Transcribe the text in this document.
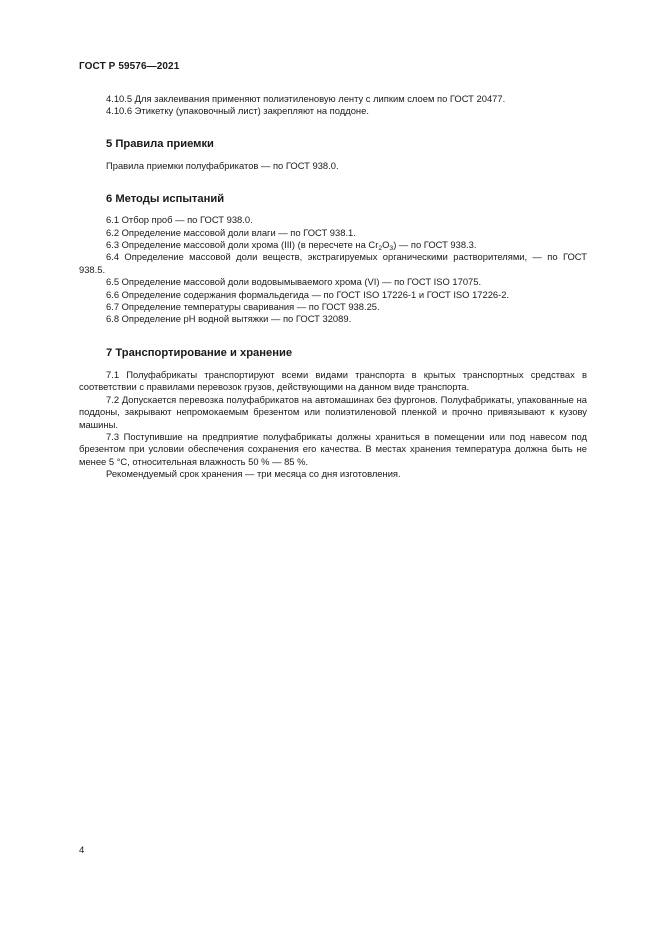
ГОСТ Р 59576—2021

4.10.5 Для заклеивания применяют полиэтиленовую ленту с липким слоем по ГОСТ 20477.

4.10.6 Этикетку (упаковочный лист) закрепляют на поддоне.

5 Правила приемки

Правила приемки полуфабрикатов — по ГОСТ 938.0.

6 Методы испытаний

6.1 Отбор проб — по ГОСТ 938.0.

6.2 Определение массовой доли влаги — по ГОСТ 938.1.

6.3 Определение массовой доли хрома (III) (в пересчете на $Cr_2O_3$) — по ГОСТ 938.3.

6.4 Определение массовой доли веществ, экстрагируемых органическими растворителями, — по ГОСТ 938.5.

6.5 Определение массовой доли водовымываемого хрома (VI) — по ГОСТ ISO 17075.

6.6 Определение содержания формальдегида — по ГОСТ ISO 17226-1 и ГОСТ ISO 17226-2.

6.7 Определение температуры сваривания — по ГОСТ 938.25.

6.8 Определение pH водной вытяжки — по ГОСТ 32089.

7 Транспортирование и хранение

7.1 Полуфабрикаты транспортируют всеми видами транспорта в крытых транспортных средствах в соответствии с правилами перевозок грузов, действующими на данном виде транспорта.

7.2 Допускается перевозка полуфабрикатов на автомашинах без фургонов. Полуфабрикаты, упакованные на поддоны, закрывают непромокаемым брезентом или полиэтиленовой пленкой и прочно привязывают к кузову машины.

7.3 Поступившие на предприятие полуфабрикаты должны храниться в помещении или под навесом под брезентом при условии обеспечения сохранения его качества. В местах хранения температура должна быть не менее 5 °С, относительная влажность 50 % — 85 %.

Рекомендуемый срок хранения — три месяца со дня изготовления.

4
